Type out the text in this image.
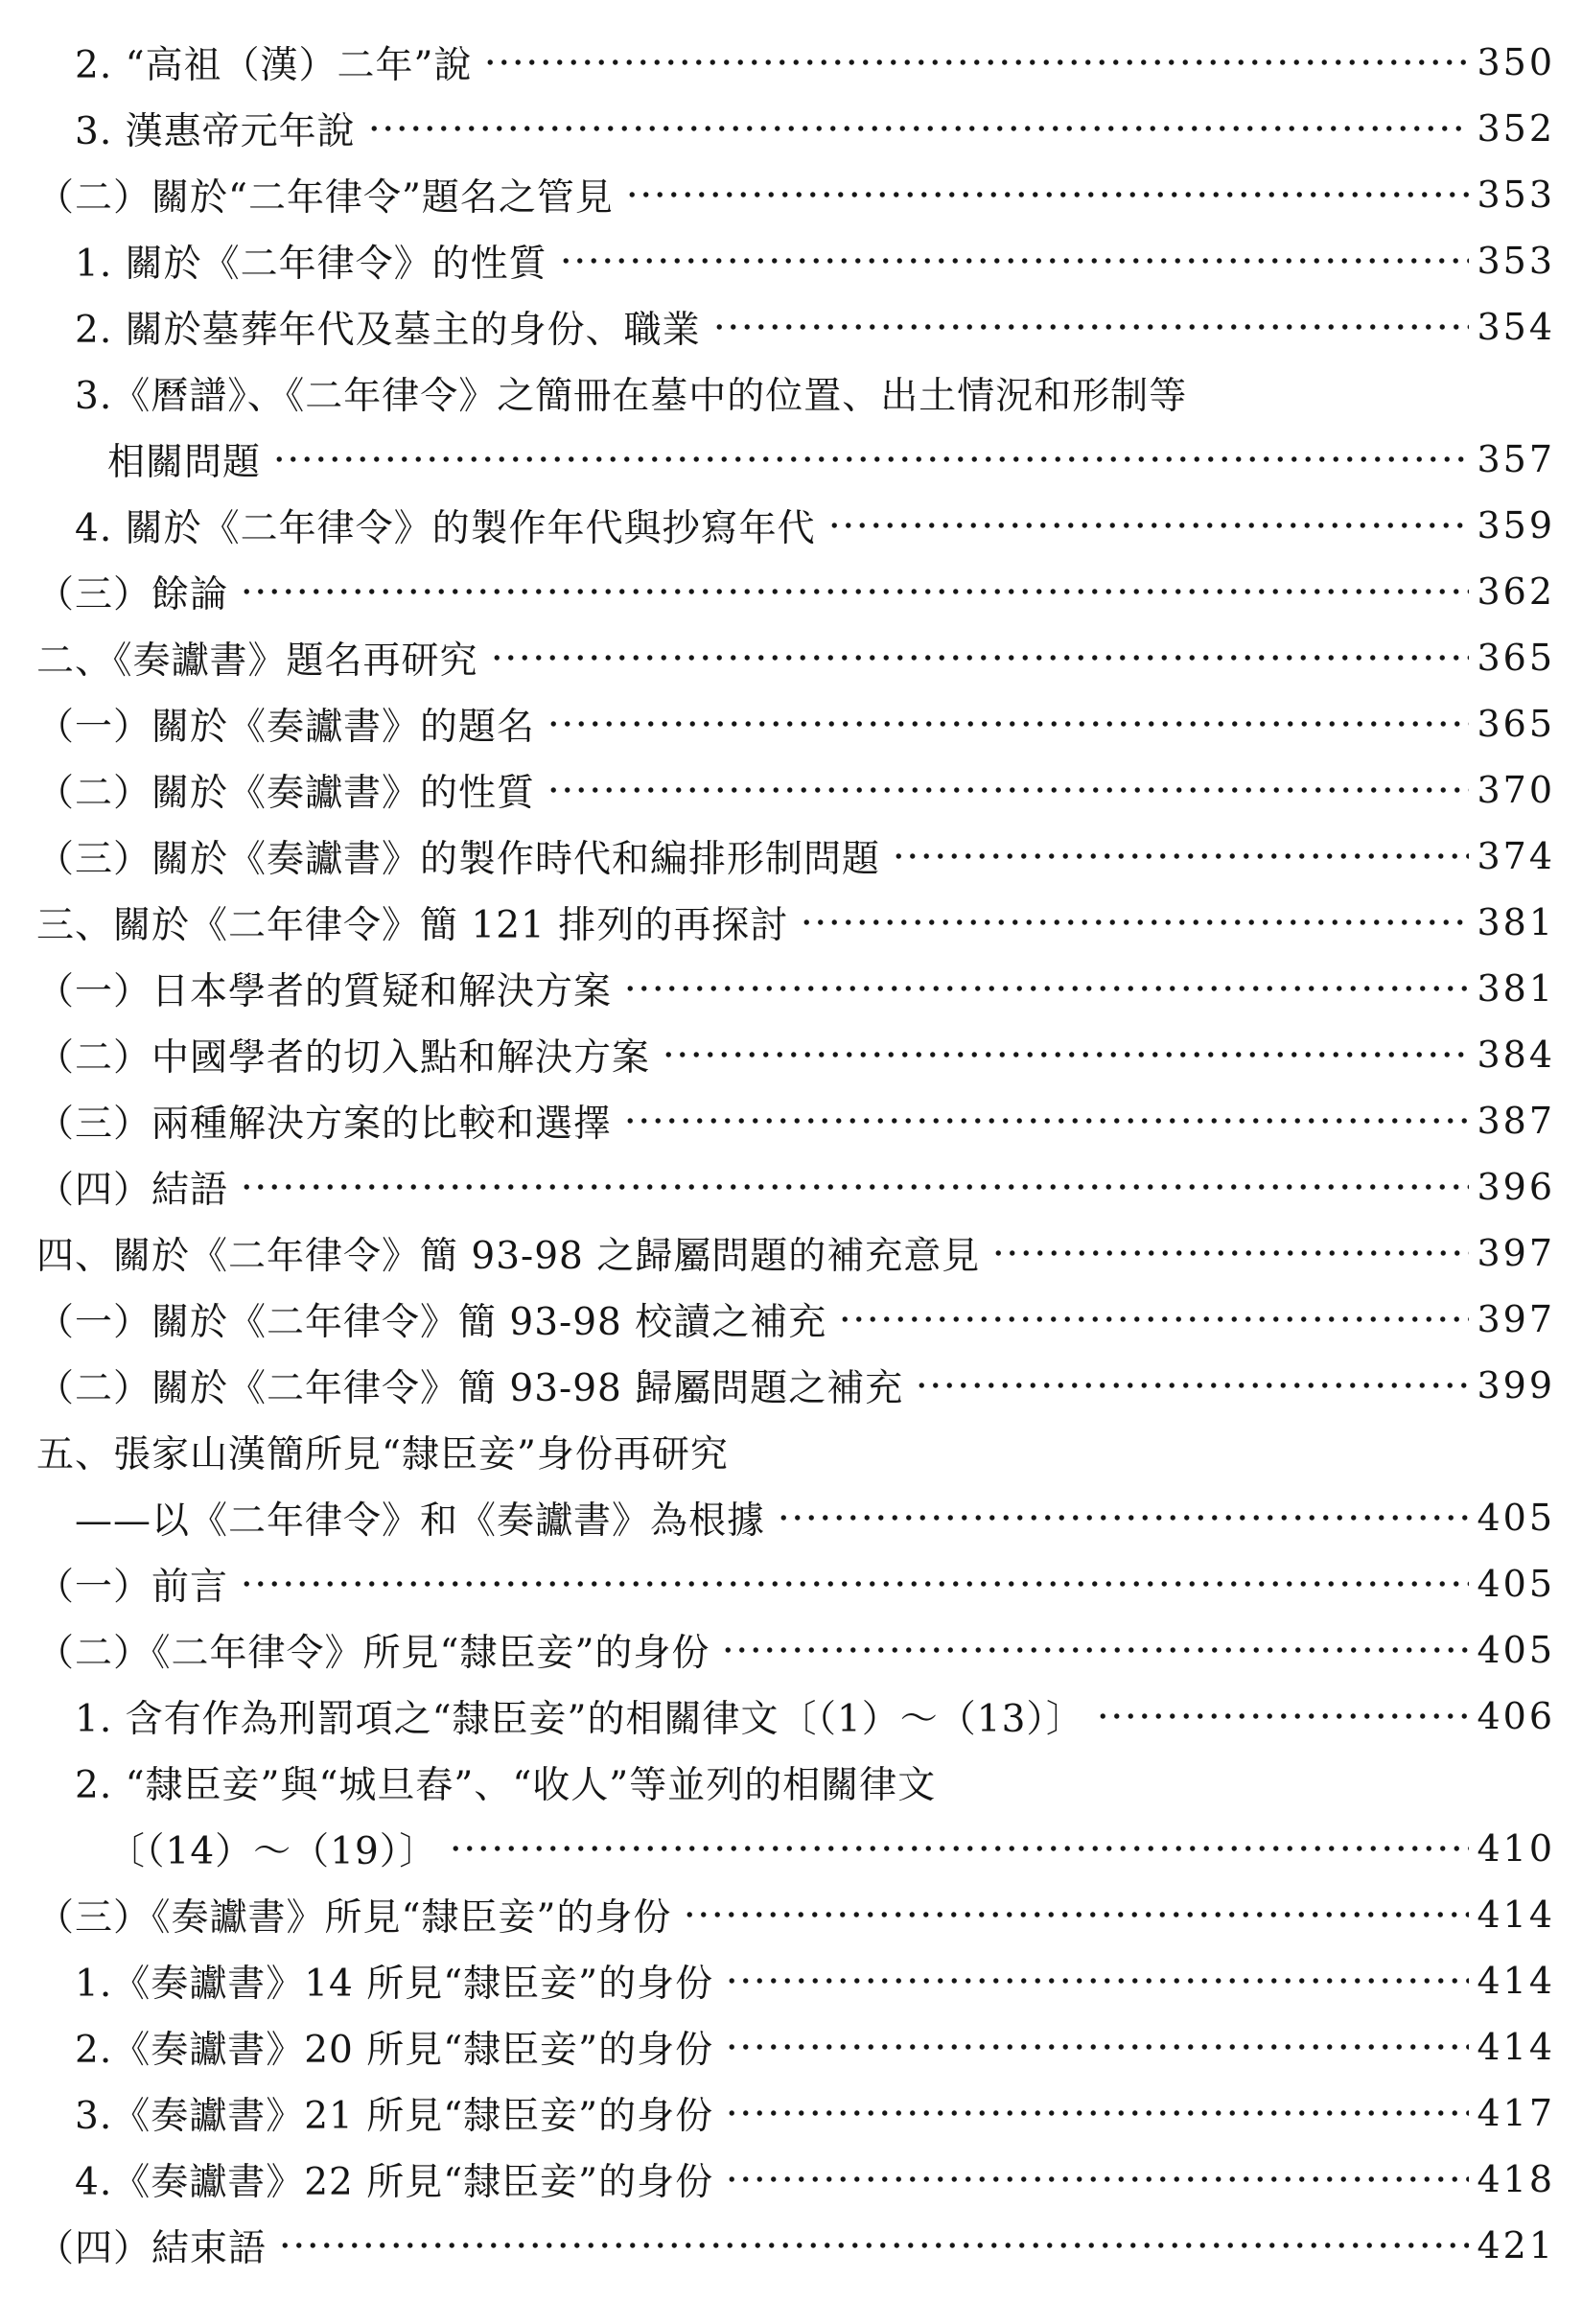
2. “高祖（漢）二年”說	350
3. 漢惠帝元年說	352
（二）關於“二年律令”題名之管見	353
1. 關於《二年律令》的性質	353
2. 關於墓葬年代及墓主的身份、職業	354
3.《曆譜》、《二年律令》之簡冊在墓中的位置、出土情況和形制等
相關問題	357
4. 關於《二年律令》的製作年代與抄寫年代	359
（三）餘論	362
二、《奏讞書》題名再研究	365
（一）關於《奏讞書》的題名	365
（二）關於《奏讞書》的性質	370
（三）關於《奏讞書》的製作時代和編排形制問題	374
三、關於《二年律令》簡 121 排列的再探討	381
（一）日本學者的質疑和解決方案	381
（二）中國學者的切入點和解決方案	384
（三）兩種解決方案的比較和選擇	387
（四）結語	396
四、關於《二年律令》簡 93-98 之歸屬問題的補充意見	397
（一）關於《二年律令》簡 93-98 校讀之補充	397
（二）關於《二年律令》簡 93-98 歸屬問題之補充	399
五、張家山漢簡所見“隸臣妾”身份再研究
——以《二年律令》和《奏讞書》為根據	405
（一）前言	405
（二）《二年律令》所見“隸臣妾”的身份	405
1. 含有作為刑罰項之“隸臣妾”的相關律文〔（1）～（13）〕	406
2. “隸臣妾”與“城旦舂”、“收人”等並列的相關律文
〔（14）～（19）〕	410
（三）《奏讞書》所見“隸臣妾”的身份	414
1.《奏讞書》14 所見“隸臣妾”的身份	414
2.《奏讞書》20 所見“隸臣妾”的身份	414
3.《奏讞書》21 所見“隸臣妾”的身份	417
4.《奏讞書》22 所見“隸臣妾”的身份	418
（四）結束語	421
